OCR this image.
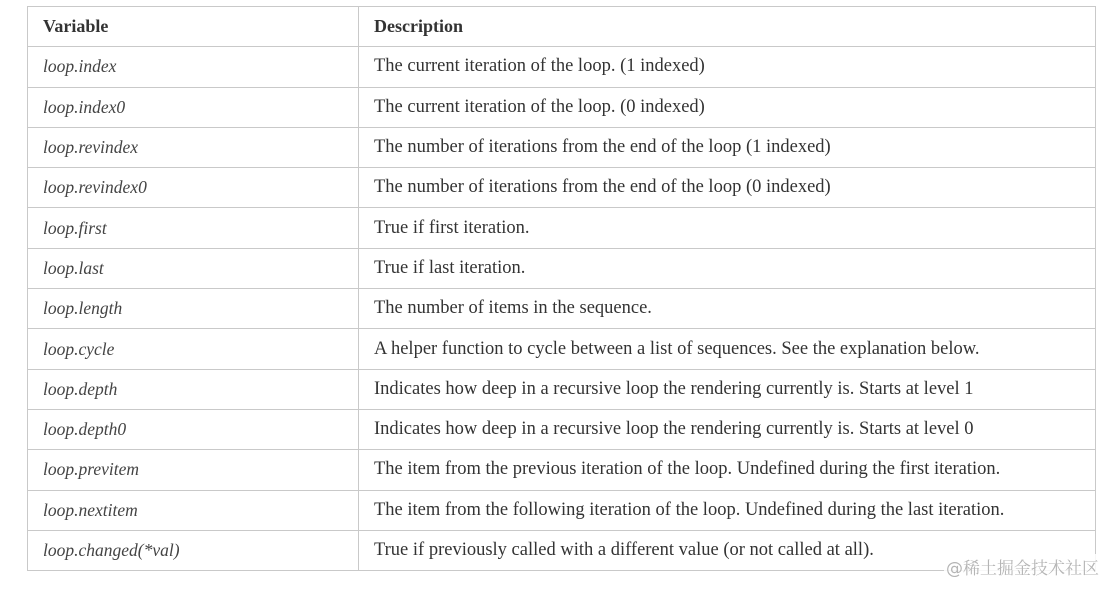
Variable	Description
loop.index	The current iteration of the loop. (1 indexed)
loop.index0	The current iteration of the loop. (0 indexed)
loop.revindex	The number of iterations from the end of the loop (1 indexed)
loop.revindex0	The number of iterations from the end of the loop (0 indexed)
loop.first	True if first iteration.
loop.last	True if last iteration.
loop.length	The number of items in the sequence.
loop.cycle	A helper function to cycle between a list of sequences. See the explanation below.
loop.depth	Indicates how deep in a recursive loop the rendering currently is. Starts at level 1
loop.depth0	Indicates how deep in a recursive loop the rendering currently is. Starts at level 0
loop.previtem	The item from the previous iteration of the loop. Undefined during the first iteration.
loop.nextitem	The item from the following iteration of the loop. Undefined during the last iteration.
loop.changed(*val)	True if previously called with a different value (or not called at all).
@稀土掘金技术社区
